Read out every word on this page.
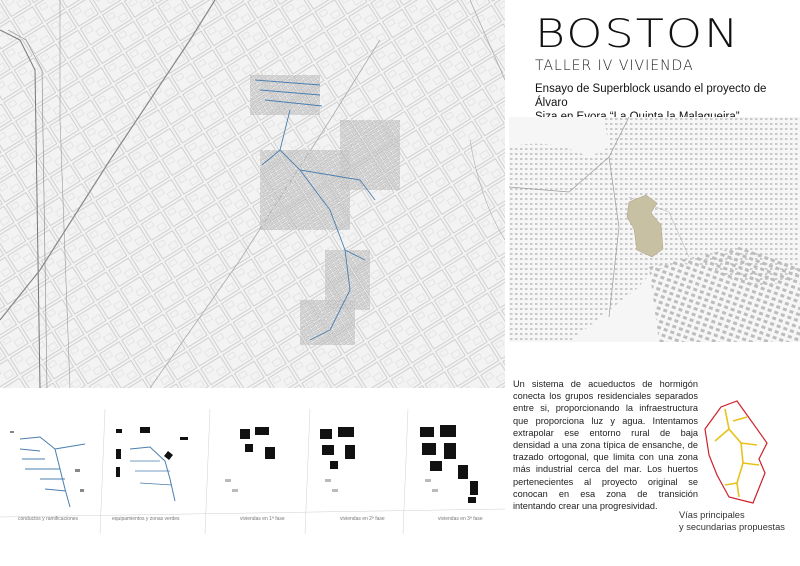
BOSTON
TALLER IV VIVIENDA
Ensayo de Superblock usando el proyecto de Álvaro
Un sistema de acueductos de hormigón conecta los grupos residenciales separados entre si, proporcionando la infraestructura que proporciona luz y agua. Intentamos extrapolar ese entorno rural de baja densidad a una zona típica de ensanche, de trazado ortogonal, que limita con una zona más industrial cerca del mar. Los huertos pertenecientes al proyecto original se conocan en esa zona de transición intentando crear una progresividad.
Vías principales
y secundarias propuestas
conductos y ramificaciones	equipamientos y zonas verdes	viviendas en 1ª fase	viviendas en 2ª fase	viviendas en 3ª fase
